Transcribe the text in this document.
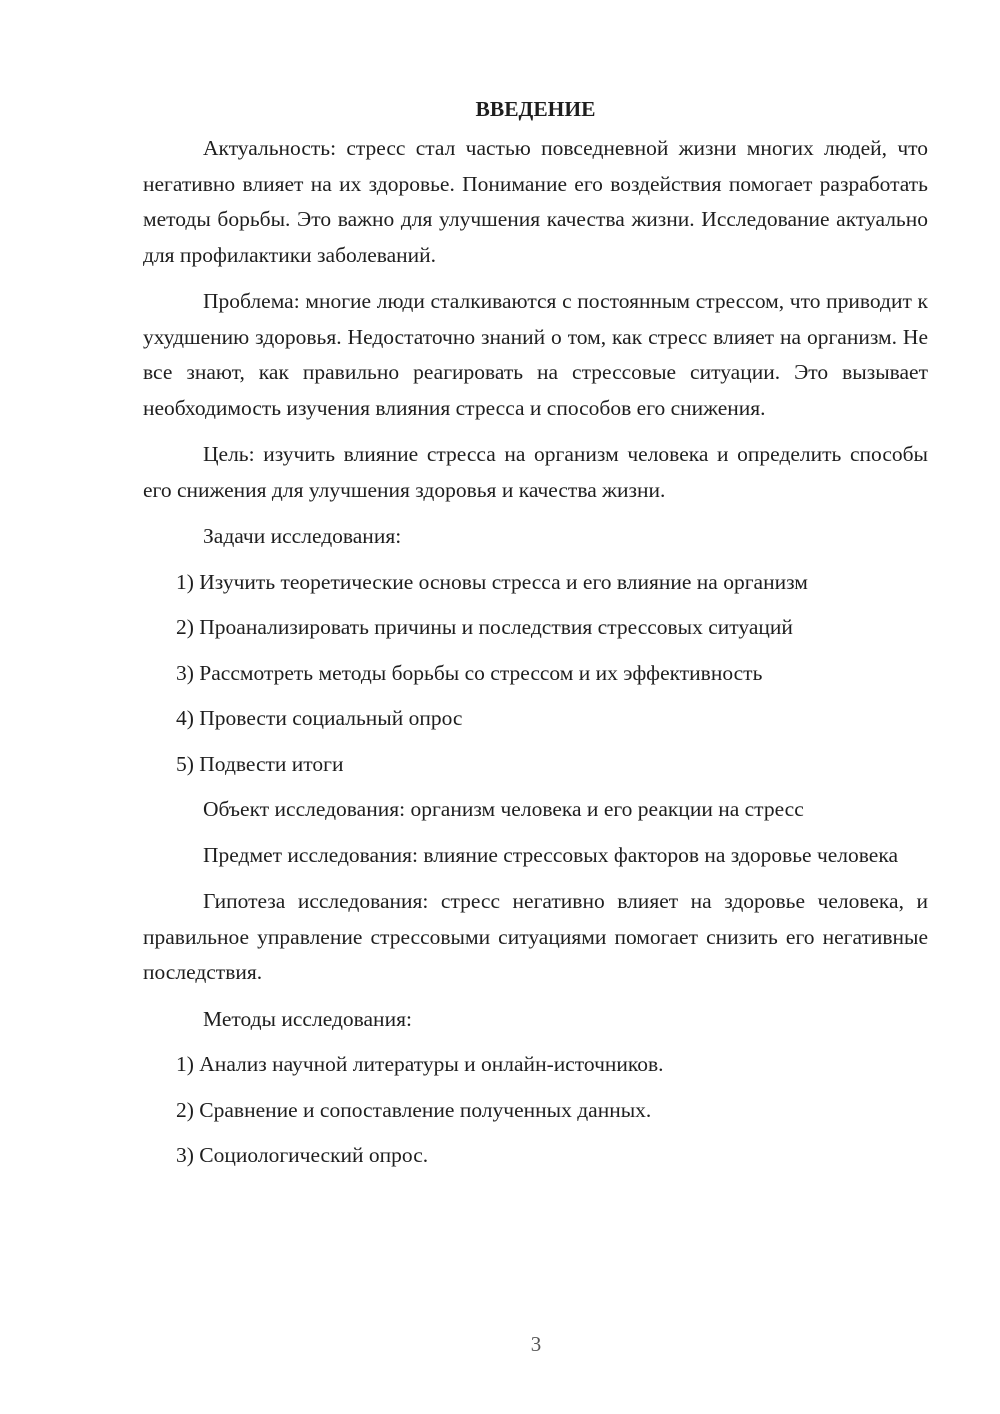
ВВЕДЕНИЕ

Актуальность: стресс стал частью повседневной жизни многих людей, что негативно влияет на их здоровье. Понимание его воздействия помогает разработать методы борьбы. Это важно для улучшения качества жизни. Исследование актуально для профилактики заболеваний.

Проблема: многие люди сталкиваются с постоянным стрессом, что приводит к ухудшению здоровья. Недостаточно знаний о том, как стресс влияет на организм. Не все знают, как правильно реагировать на стрессовые ситуации. Это вызывает необходимость изучения влияния стресса и способов его снижения.

Цель: изучить влияние стресса на организм человека и определить способы его снижения для улучшения здоровья и качества жизни.

Задачи исследования:

1) Изучить теоретические основы стресса и его влияние на организм

2) Проанализировать причины и последствия стрессовых ситуаций

3) Рассмотреть методы борьбы со стрессом и их эффективность

4) Провести социальный опрос

5) Подвести итоги

Объект исследования: организм человека и его реакции на стресс

Предмет исследования: влияние стрессовых факторов на здоровье человека

Гипотеза исследования: стресс негативно влияет на здоровье человека, и правильное управление стрессовыми ситуациями помогает снизить его негативные последствия.

Методы исследования:

1) Анализ научной литературы и онлайн-источников.

2) Сравнение и сопоставление полученных данных.

3) Социологический опрос.

3
